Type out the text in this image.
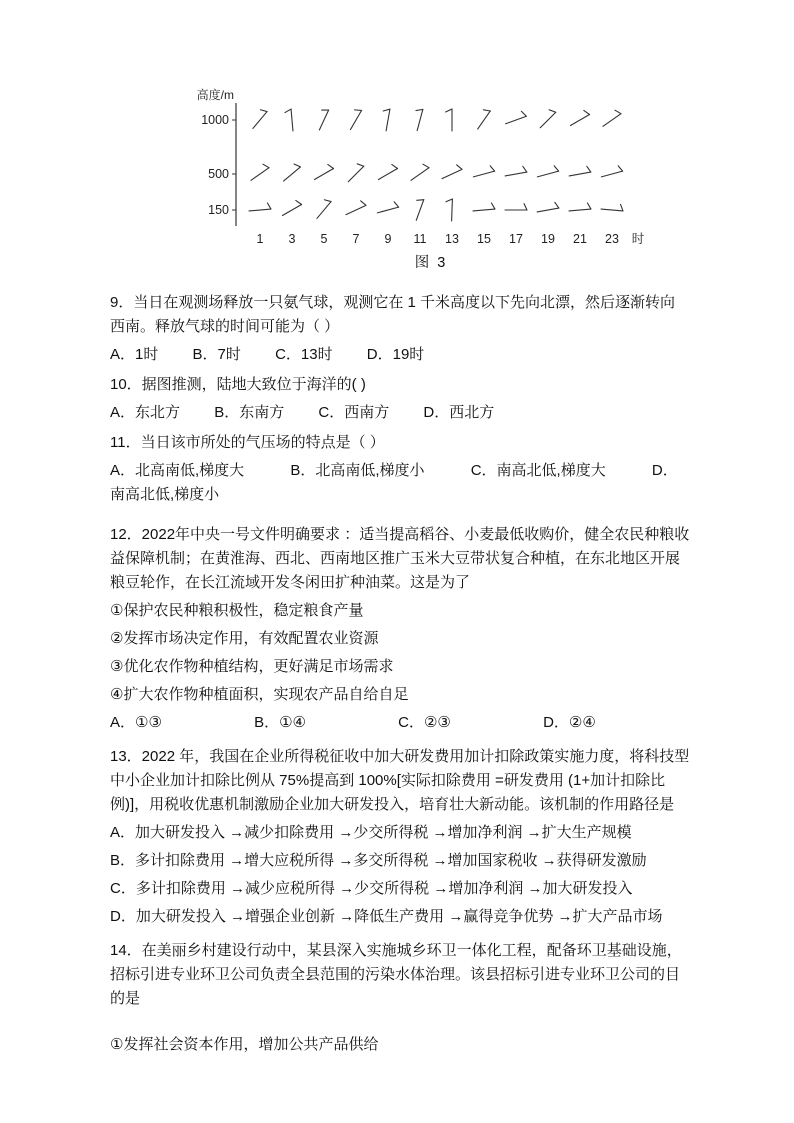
高度/m
1000
500
150
1 3 5 7 9 11 13 15 17 19 21 23 时
图 3

9．当日在观测场释放一只氨气球，观测它在 1 千米高度以下先向北漂，然后逐渐转向西南。释放气球的时间可能为（ ）

A．1时 B．7时 C．13时 D．19时

10．据图推测，陆地大致位于海洋的( )

A．东北方 B．东南方 C．西南方 D．西北方

11．当日该市所处的气压场的特点是（ ）

A．北高南低,梯度大	B．北高南低,梯度小	C．南高北低,梯度大	D．南高北低,梯度小

12．2022年中央一号文件明确要求 ：适当提高稻谷、小麦最低收购价，健全农民种粮收益保障机制；在黄淮海、西北、西南地区推广玉米大豆带状复合种植，在东北地区开展粮豆轮作，在长江流域开发冬闲田扩种油菜。这是为了

①保护农民种粮积极性，稳定粮食产量

②发挥市场决定作用，有效配置农业资源

③优化农作物种植结构，更好满足市场需求

④扩大农作物种植面积，实现农产品自给自足

A．①③	B．①④	C．②③	D．②④

13．2022 年，我国在企业所得税征收中加大研发费用加计扣除政策实施力度，将科技型中小企业加计扣除比例从 75%提高到 100%[实际扣除费用 =研发费用 (1+加计扣除比例)]，用税收优惠机制激励企业加大研发投入，培育壮大新动能。该机制的作用路径是

A．加大研发投入 →减少扣除费用 →少交所得税 →增加净利润 →扩大生产规模

B．多计扣除费用 →增大应税所得 →多交所得税 →增加国家税收 →获得研发激励

C．多计扣除费用 →减少应税所得 →少交所得税 →增加净利润 →加大研发投入

D．加大研发投入 →增强企业创新 →降低生产费用 →赢得竞争优势 →扩大产品市场

14．在美丽乡村建设行动中，某县深入实施城乡环卫一体化工程，配备环卫基础设施，招标引进专业环卫公司负责全县范围的污染水体治理。该县招标引进专业环卫公司的目的是

①发挥社会资本作用，增加公共产品供给
